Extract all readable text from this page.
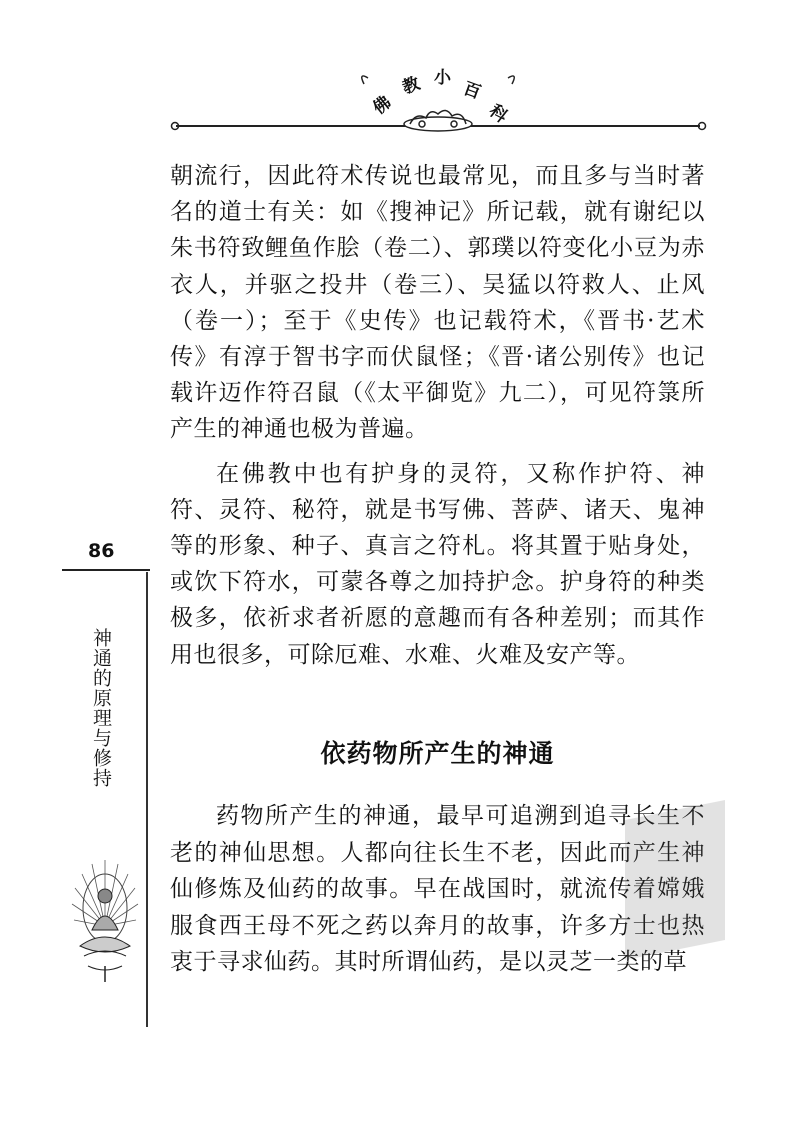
佛
教 小
百
科

朝流行，因此符术传说也最常见，而且多与当时著名的道士有关：如《搜神记》所记载，就有谢纪以朱书符致鲤鱼作脍（卷二）、郭璞以符变化小豆为赤衣人，并驱之投井（卷三）、吴猛以符救人、止风（卷一）；至于《史传》也记载符术，《晋书·艺术传》有淳于智书字而伏鼠怪；《晋·诸公别传》也记载许迈作符召鼠（《太平御览》九二），可见符箓所产生的神通也极为普遍。

在佛教中也有护身的灵符，又称作护符、神符、灵符、秘符，就是书写佛、菩萨、诸天、鬼神等的形象、种子、真言之符札。将其置于贴身处，或饮下符水，可蒙各尊之加持护念。护身符的种类极多，依祈求者祈愿的意趣而有各种差别；而其作用也很多，可除厄难、水难、火难及安产等。

依药物所产生的神通

药物所产生的神通，最早可追溯到追寻长生不老的神仙思想。人都向往长生不老，因此而产生神仙修炼及仙药的故事。早在战国时，就流传着嫦娥服食西王母不死之药以奔月的故事，许多方士也热衷于寻求仙药。其时所谓仙药，是以灵芝一类的草

86
神通的原理与修持
